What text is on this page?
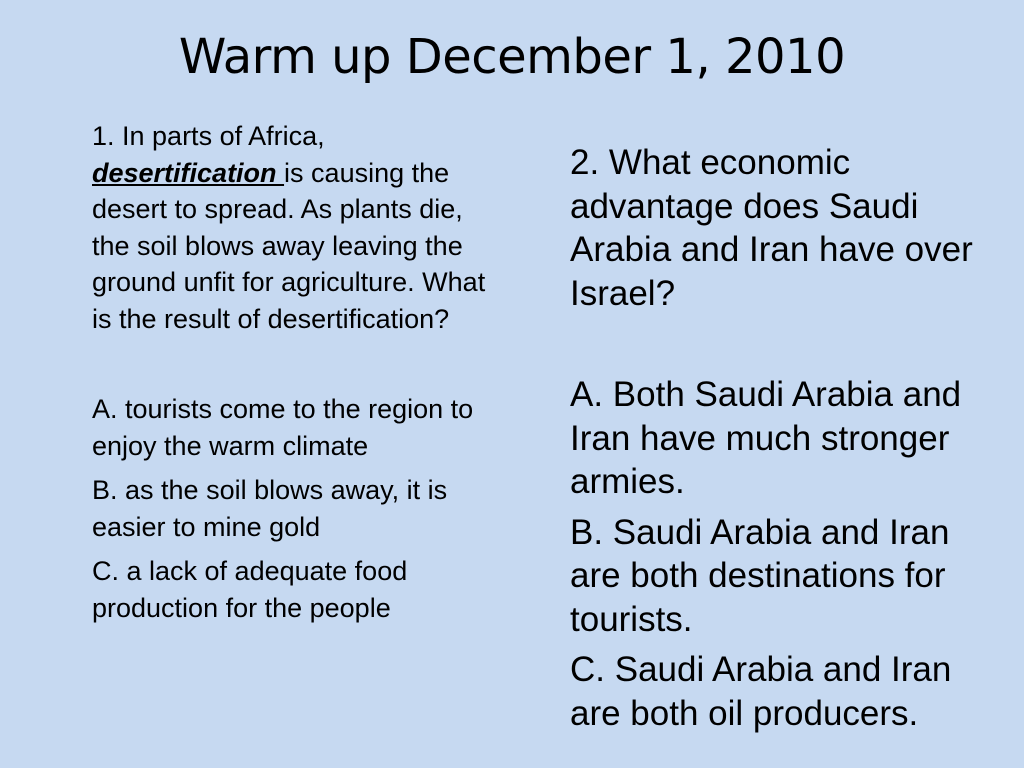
Warm up December 1, 2010

1. In parts of Africa, desertification is causing the desert to spread. As plants die, the soil blows away leaving the ground unfit for agriculture. What is the result of desertification?

A. tourists come to the region to enjoy the warm climate

B. as the soil blows away, it is easier to mine gold

C. a lack of adequate food production for the people

2. What economic advantage does Saudi Arabia and Iran have over Israel?

A. Both Saudi Arabia and Iran have much stronger armies.

B. Saudi Arabia and Iran are both destinations for tourists.

C. Saudi Arabia and Iran are both oil producers.
